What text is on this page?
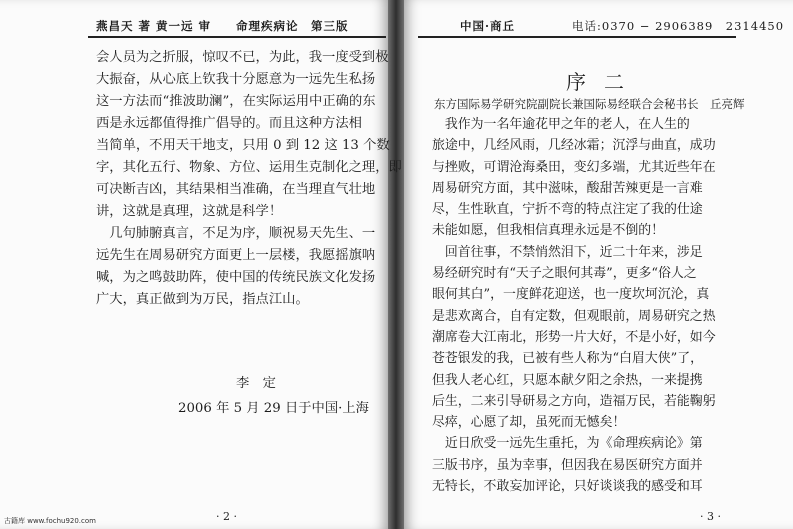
燕昌天 著 黄一远 审　　命理疾病论　第三版

会人员为之折服，惊叹不已，为此，我一度受到极

大振奋，从心底上钦我十分愿意为一远先生私扬

这一方法而“推波助澜”，在实际运用中正确的东

西是永远都值得推广倡导的。而且这种方法相

当简单，不用天干地支，只用 0 到 12 这 13 个数

字，其化五行、物象、方位、运用生克制化之理，即

可决断吉凶，其结果相当准确，在当理直气壮地

讲，这就是真理，这就是科学！

　几句肺腑真言，不足为序，顺祝易天先生、一

远先生在周易研究方面更上一层楼，我愿摇旗呐

喊，为之鸣鼓助阵，使中国的传统民族文化发扬

广大，真正做到为万民，指点江山。

李　定
2006 年 5 月 29 日于中国·上海
· 2 ·
古籍库 www.fochu920.com
中国·商丘	电话:0370 − 2906389　2314450
序二
东方国际易学研究院副院长兼国际易经联合会秘书长　丘亮辉

　我作为一名年逾花甲之年的老人，在人生的

旅途中，几经风雨，几经冰霜；沉浮与曲直，成功

与挫败，可谓沧海桑田，变幻多端，尤其近些年在

周易研究方面，其中滋味，酸甜苦辣更是一言难

尽，生性耿直，宁折不弯的特点注定了我的仕途

未能如愿，但我相信真理永远是不倒的！

　回首往事，不禁悄然泪下，近二十年来，涉足

易经研究时有“天子之眼何其毒”，更多“俗人之

眼何其白”，一度鲜花迎送，也一度坎坷沉沦，真

是悲欢离合，自有定数，但观眼前，周易研究之热

潮席卷大江南北，形势一片大好，不是小好，如今

苍苍银发的我，已被有些人称为“白眉大侠”了，

但我人老心红，只愿本献夕阳之余热，一来提携

后生，二来引导研易之方向，造福万民，若能鞠躬

尽瘁，心愿了却，虽死而无憾矣！

　近日欣受一远先生重托，为《命理疾病论》第

三版书序，虽为幸事，但因我在易医研究方面并

无特长，不敢妄加评论，只好谈谈我的感受和耳

· 3 ·
